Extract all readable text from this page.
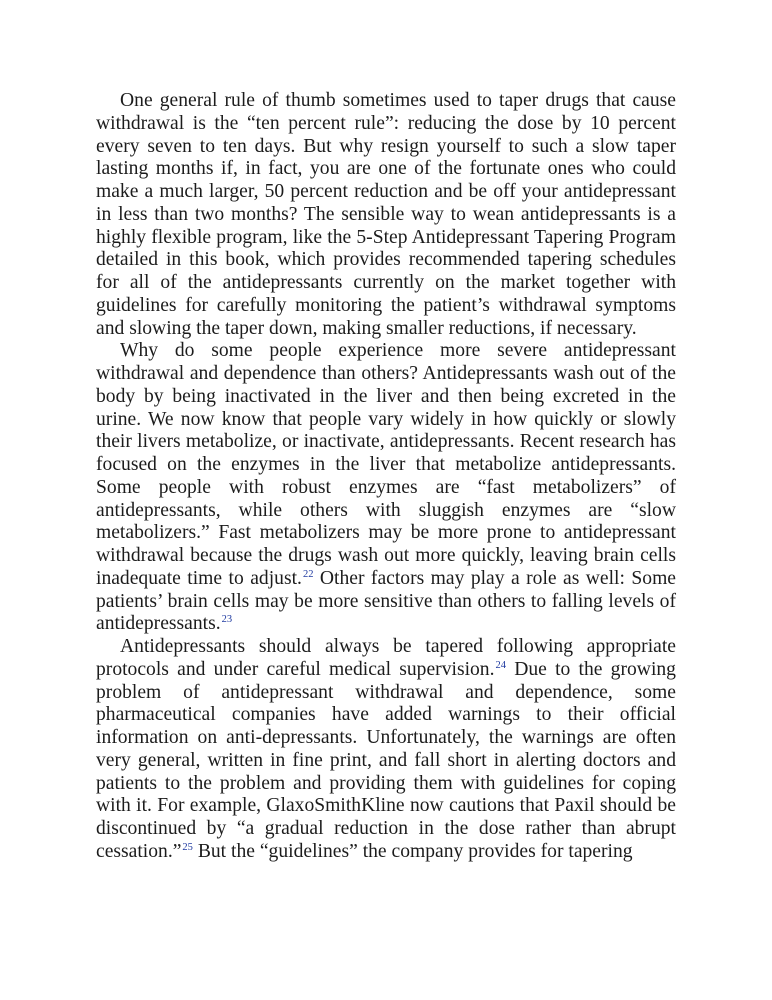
One general rule of thumb sometimes used to taper drugs that cause withdrawal is the “ten percent rule”: reducing the dose by 10 percent every seven to ten days. But why resign yourself to such a slow taper lasting months if, in fact, you are one of the fortunate ones who could make a much larger, 50 percent reduction and be off your antidepressant in less than two months? The sensible way to wean antidepressants is a highly flexible program, like the 5-Step Antidepressant Tapering Program detailed in this book, which provides recommended tapering schedules for all of the antidepressants currently on the market together with guidelines for carefully monitoring the patient’s withdrawal symptoms and slowing the taper down, making smaller reductions, if necessary.

Why do some people experience more severe antidepressant withdrawal and dependence than others? Antidepressants wash out of the body by being inactivated in the liver and then being excreted in the urine. We now know that people vary widely in how quickly or slowly their livers metabolize, or inactivate, antidepressants. Recent research has focused on the enzymes in the liver that metabolize antidepressants. Some people with robust enzymes are “fast metabolizers” of antidepressants, while others with sluggish enzymes are “slow metabolizers.” Fast metabolizers may be more prone to antidepressant withdrawal because the drugs wash out more quickly, leaving brain cells inadequate time to adjust.$^{22}$ Other factors may play a role as well: Some patients’ brain cells may be more sensitive than others to falling levels of antidepressants.$^{23}$

Antidepressants should always be tapered following appropriate protocols and under careful medical supervision.$^{24}$ Due to the growing problem of antidepressant withdrawal and dependence, some pharmaceutical companies have added warnings to their official information on anti-depressants. Unfortunately, the warnings are often very general, written in fine print, and fall short in alerting doctors and patients to the problem and providing them with guidelines for coping with it. For example, GlaxoSmithKline now cautions that Paxil should be discontinued by “a gradual reduction in the dose rather than abrupt cessation.”$^{25}$ But the “guidelines” the company provides for tapering
